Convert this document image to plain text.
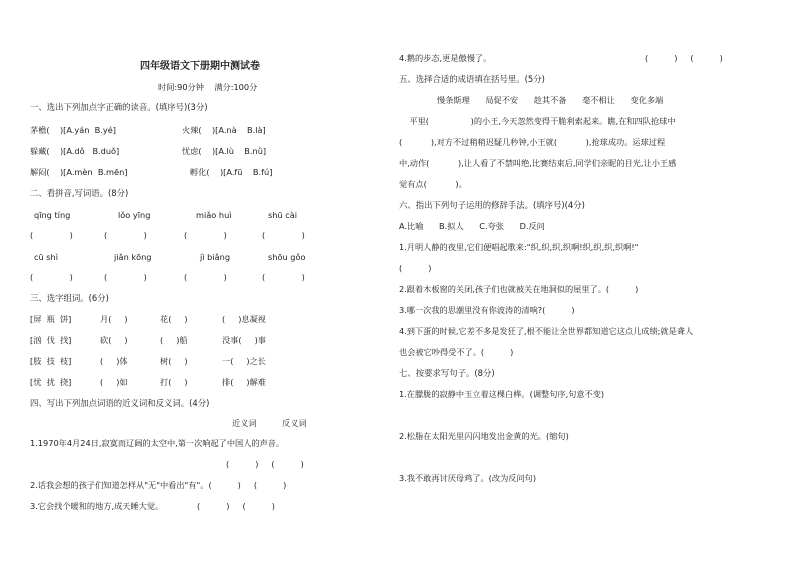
四年级语文下册期中测试卷
时间:90分钟    满分:100分
一、选出下列加点字正确的读音。(填序号)(3分)
茅檐(    )[A.yán  B.yé]	火辣(    )[A.nà    B.là]
躲藏(    )[A.dǒ   B.duǒ]	忧虑(    )[A.lù    B.nǜ]
解闷(    )[A.mèn  B.mēn]	孵化(    )[A.fū    B.fú]
二、看拼音,写词语。(8分)
qīng tíng	lǒo yīng	miǎo huì	shū cài
(              )	(              )	(              )	(              )
cū shì	jiǎn kōng	jì biǎng	shōu gǒo
(              )	(              )	(              )	(              )
三、选字组词。(6分)
[屏  瓶  饼]	月(     )	花(     )	(     )息凝视
[汹  伐  找]	砍(     )	(     )船	没事(     )事
[肢  技  枝]	(     )体	树(     )	一(     )之长
[忧  扰  挠]	(     )如	打(     )	排(     )解难
四、写出下列加点词语的近义词和反义词。(4分)
近义词	反义词
1.1970年4月24日,寂寞而辽阔的太空中,第一次响起了中国人的声音。
(          )     (          )
2.话我会想的孩子们知道怎样从"无"中看出"有"。(          )     (          )
3.它会找个暖和的地方,成天睡大觉。             (          )     (          )
4.鹅的步态,更是傲慢了。	(          )     (          )
五、选择合适的成语填在括号里。(5分)
慢条斯理      局促不安      趁其不备      毫不相让      变化多端
平里(                )的小王,今天忽然变得干脆利索起来。瞧,在和四队抢球中
(           ),对方不过稍稍迟疑几秒钟,小王就(           ),抢球成功。运球过程
中,动作(           ),让人看了不禁叫绝,比赛结束后,同学们亲昵的目光,让小王感
觉有点(           )。
六、指出下列句子运用的修辞手法。(填序号)(4分)
A.比喻      B.拟人      C.夸张      D.反问
1.月明人静的夜里,它们便唱起歌来:"织,织,织,织啊!织,织,织,织啊!"
(          )
2.跟着木板窗的关闭,孩子们也就被关在地洞似的屋里了。(          )
3.哪一次我的思潮里没有你波涛的清响?(          )
4.到下蛋的时候,它差不多是发狂了,根不能让全世界都知道它这点儿成绩;就是聋人
也会被它吵得受不了。(          )
七、按要求写句子。(8分)
1.在朦胧的寂静中玉立着这棵白桦。(调整句序,句意不变)
2.松脂在太阳光里闪闪地发出金黄的光。(缩句)
3.我不敢再讨厌母鸡了。(改为反问句)
